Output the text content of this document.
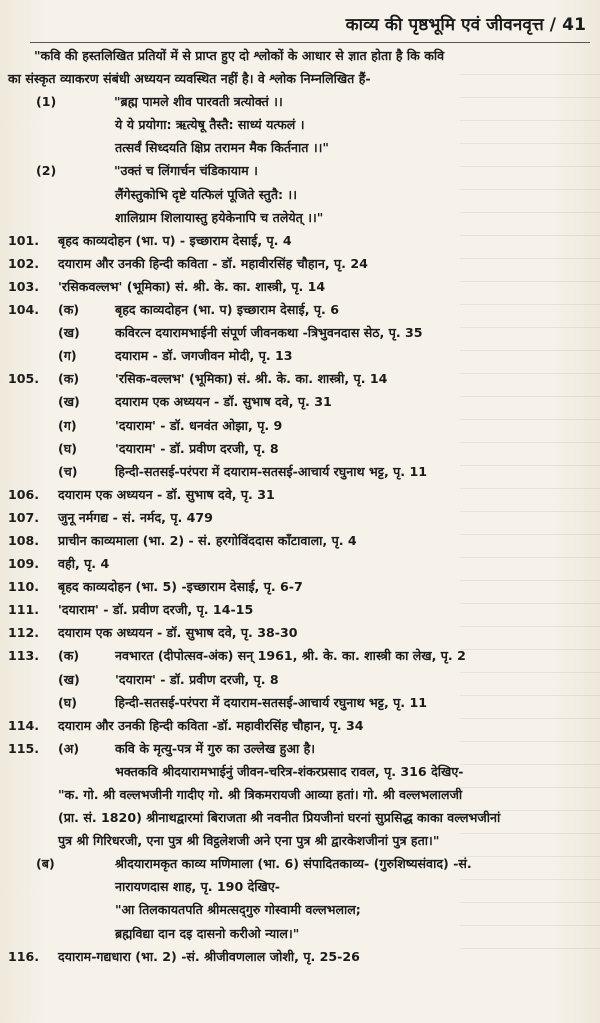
काव्य की पृष्ठभूमि एवं जीवनवृत्त / 41
"कवि की हस्तलिखित प्रतियों में से प्राप्त हुए दो श्लोकों के आधार से ज्ञात होता है कि कवि
का संस्कृत व्याकरण संबंधी अध्ययन व्यवस्थित नहीं है। वे श्लोक निम्नलिखित हैं-
(1)	"ब्रह्म पामले शीव पारवती त्रत्योक्तं ।।
ये ये प्रयोगा: ऋत्येषू तैस्तै: साध्यं यत्फलं ।
तत्सर्वं सिध्दयति क्षिप्र तरामन मैक किर्तनात ।।"
(2)	"उक्तं च लिंगार्चन चंडिकायाम ।
लैंगेस्तुकोभि दृष्टे यत्फिलं पूजिते स्तुतै: ।।
शालिग्राम शिलायास्तु हयेकेनापि च तलेयेत् ।।"
101. बृहद काव्यदोहन (भा. प) - इच्छाराम देसाई, पृ. 4
102. दयाराम और उनकी हिन्दी कविता - डॉ. महावीरसिंह चौहान, पृ. 24
103. 'रसिकवल्लभ' (भूमिका) सं. श्री. के. का. शास्त्री, पृ. 14
104. (क)	बृहद काव्यदोहन (भा. प) इच्छाराम देसाई, पृ. 6
(ख)	कविरत्न दयारामभाईनी संपूर्ण जीवनकथा -त्रिभुवनदास सेठ, पृ. 35
(ग)	दयाराम - डॉ. जगजीवन मोदी, पृ. 13
105. (क)	'रसिक-वल्लभ' (भूमिका) सं. श्री. के. का. शास्त्री, पृ. 14
(ख)	दयाराम एक अध्ययन - डॉ. सुभाष दवे, पृ. 31
(ग)	'दयाराम' - डॉ. धनवंत ओझा, पृ. 9
(घ)	'दयाराम' - डॉ. प्रवीण दरजी, पृ. 8
(च)	हिन्दी-सतसई-परंपरा में दयाराम-सतसई-आचार्य रघुनाथ भट्ट, पृ. 11
106. दयाराम एक अध्ययन - डॉ. सुभाष दवे, पृ. 31
107. जुनू नर्मगद्य - सं. नर्मद, पृ. 479
108. प्राचीन काव्यमाला (भा. 2) - सं. हरगोविंददास काँटावाला, पृ. 4
109. वही, पृ. 4
110. बृहद काव्यदोहन (भा. 5) -इच्छाराम देसाई, पृ. 6-7
111. 'दयाराम' - डॉ. प्रवीण दरजी, पृ. 14-15
112. दयाराम एक अध्ययन - डॉ. सुभाष दवे, पृ. 38-30
113. (क)	नवभारत (दीपोत्सव-अंक) सन् 1961, श्री. के. का. शास्त्री का लेख, पृ. 2
(ख)	'दयाराम' - डॉ. प्रवीण दरजी, पृ. 8
(घ)	हिन्दी-सतसई-परंपरा में दयाराम-सतसई-आचार्य रघुनाथ भट्ट, पृ. 11
114. दयाराम और उनकी हिन्दी कविता -डॉ. महावीरसिंह चौहान, पृ. 34
115. (अ)	कवि के मृत्यु-पत्र में गुरु का उल्लेख हुआ है।
भक्तकवि श्रीदयारामभाईनुं जीवन-चरित्र-शंकरप्रसाद रावल, पृ. 316 देखिए-
"क. गो. श्री वल्लभजीनी गादीए गो. श्री त्रिकमरायजी आव्या हतां। गो. श्री वल्लभलालजी
(प्रा. सं. 1820) श्रीनाथद्वारमां बिराजता श्री नवनीत प्रियजीनां घरनां सुप्रसिद्ध काका वल्लभजीनां
पुत्र श्री गिरिधरजी, एना पुत्र श्री विट्ठलेशजी अने एना पुत्र श्री द्वारकेशजीनां पुत्र हता।"
(ब)	श्रीदयारामकृत काव्य मणिमाला (भा. 6) संपादितकाव्य- (गुरुशिष्यसंवाद) -सं.
नारायणदास शाह, पृ. 190 देखिए-
"आ तिलकायतपति श्रीमत्सद्‌गुरु गोस्वामी वल्लभलाल;
ब्रह्मविद्या दान दइ दासनो करीओ न्याल।"
116. दयाराम-गद्यधारा (भा. 2) -सं. श्रीजीवणलाल जोशी, पृ. 25-26
